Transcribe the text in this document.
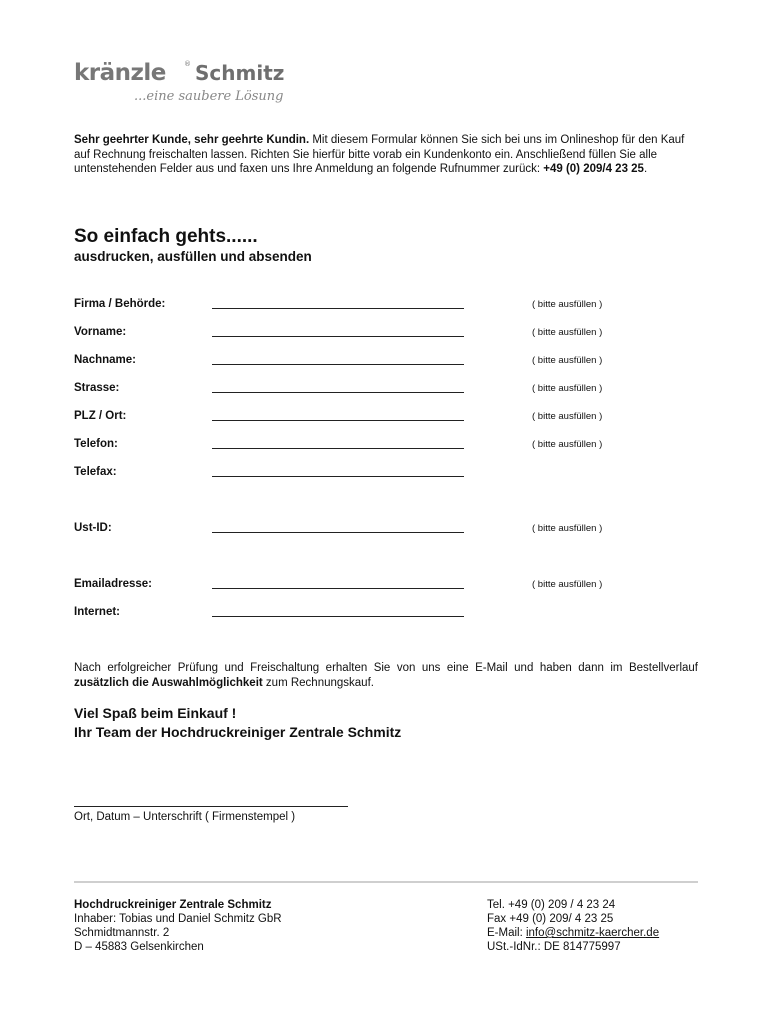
kränzle	® Schmitz
...eine saubere Lösung
Sehr geehrter Kunde, sehr geehrte Kundin. Mit diesem Formular können Sie sich bei uns im Onlineshop für den Kauf auf Rechnung freischalten lassen. Richten Sie hierfür bitte vorab ein Kundenkonto ein. Anschließend füllen Sie alle untenstehenden Felder aus und faxen uns Ihre Anmeldung an folgende Rufnummer zurück: +49 (0) 209/4 23 25.
So einfach gehts......
ausdrucken, ausfüllen und absenden
Firma / Behörde:	( bitte ausfüllen )
Vorname:	( bitte ausfüllen )
Nachname:	( bitte ausfüllen )
Strasse:	( bitte ausfüllen )
PLZ / Ort:	( bitte ausfüllen )
Telefon:	( bitte ausfüllen )
Telefax:
Ust-ID:	( bitte ausfüllen )
Emailadresse:	( bitte ausfüllen )
Internet:
Nach erfolgreicher Prüfung und Freischaltung erhalten Sie von uns eine E-Mail und haben dann im Bestellverlauf zusätzlich die Auswahlmöglichkeit zum Rechnungskauf.
Viel Spaß beim Einkauf !
Ihr Team der Hochdruckreiniger Zentrale Schmitz
Ort, Datum – Unterschrift ( Firmenstempel )
Hochdruckreiniger Zentrale Schmitz
Inhaber: Tobias und Daniel Schmitz GbR
Schmidtmannstr. 2
D – 45883 Gelsenkirchen
Tel. +49 (0) 209 / 4 23 24
Fax +49 (0) 209/ 4 23 25
E-Mail: info@schmitz-kaercher.de
USt.-IdNr.: DE 814775997
